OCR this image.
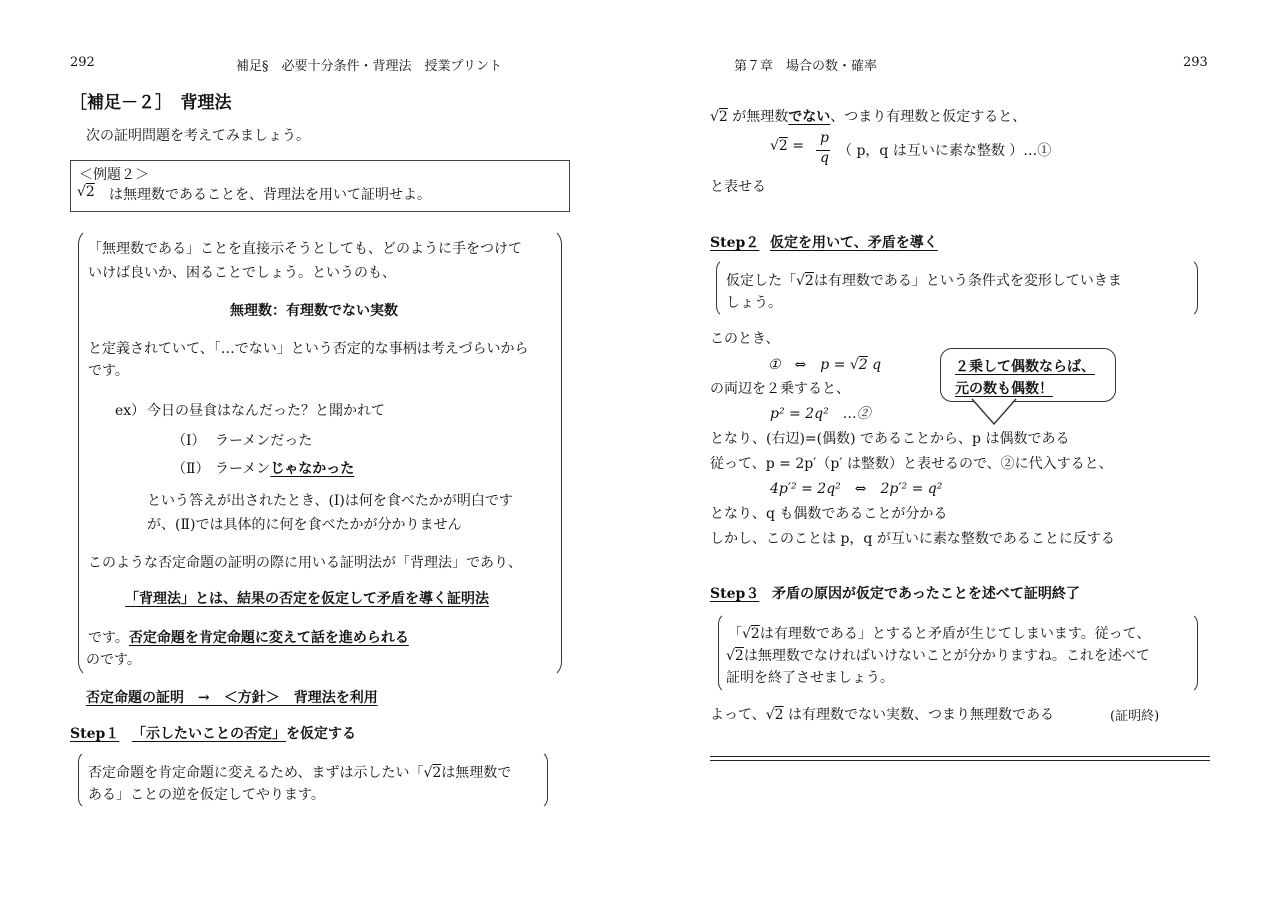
292	補足§　必要十分条件・背理法　授業プリント
［補足－２］　背理法
次の証明問題を考えてみましょう。
＜例題２＞
√2 は無理数であることを、背理法を用いて証明せよ。
「無理数である」ことを直接示そうとしても、どのように手をつけて
いけば良いか、困ることでしょう。というのも、
無理数：有理数でない実数
と定義されていて、「…でない」という否定的な事柄は考えづらいから
です。
ex） 今日の昼食はなんだった？と聞かれて
（Ⅰ） ラーメンだった
（Ⅱ） ラーメンじゃなかった
という答えが出されたとき、(Ⅰ)は何を食べたかが明白です
が、(Ⅱ)では具体的に何を食べたかが分かりません
このような否定命題の証明の際に用いる証明法が「背理法」であり、
「背理法」とは、結果の否定を仮定して矛盾を導く証明法
です。否定命題を肯定命題に変えて話を進められる
のです。
否定命題の証明　→　＜方針＞　背理法を利用
Step１ 「示したいことの否定」を仮定する
否定命題を肯定命題に変えるため、まずは示したい「√2は無理数で
ある」ことの逆を仮定してやります。
第７章　場合の数・確率	293
√2 が無理数でない、つまり有理数と仮定すると、
√2 = p
q （ p，q は互いに素な整数 ）…①
と表せる
Step２ 仮定を用いて、矛盾を導く
仮定した「√2は有理数である」という条件式を変形していきま
しょう。
このとき、
①　⇔　p = √2 q
の両辺を２乗すると、
p² = 2q²　…②
となり、(右辺)=(偶数) であることから、p は偶数である
従って、p = 2p′（p′ は整数）と表せるので、②に代入すると、
4p′² = 2q²　⇔　2p′² = q²
となり、q も偶数であることが分かる
しかし、このことは p，q が互いに素な整数であることに反する
２乗して偶数ならば、
元の数も偶数！
Step３ 矛盾の原因が仮定であったことを述べて証明終了
「√2は有理数である」とすると矛盾が生じてしまいます。従って、
√2は無理数でなければいけないことが分かりますね。これを述べて
証明を終了させましょう。
よって、√2 は有理数でない実数、つまり無理数である	(証明終)
